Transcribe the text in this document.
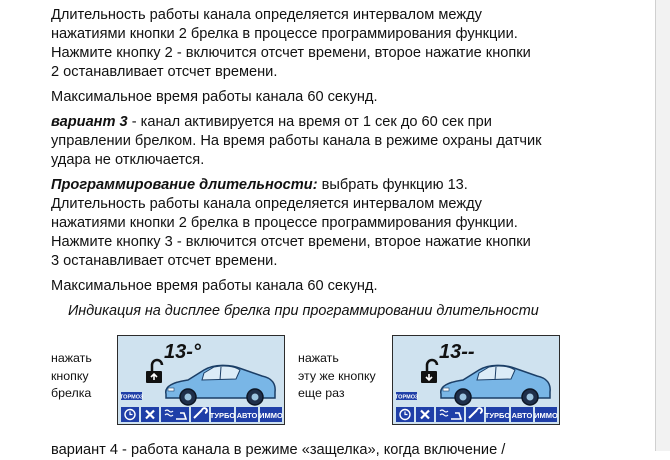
Длительность работы канала определяется интервалом между
нажатиями кнопки 2 брелка в процессе программирования функции.
Нажмите кнопку 2 - включится отсчет времени, второе нажатие кнопки
2 останавливает отсчет времени.
Максимальное время работы канала 60 секунд.
вариант 3 - канал активируется на время от 1 сек до 60 сек при
управлении брелком. На время работы канала в режиме охраны датчик
удара не отключается.
Программирование длительности: выбрать функцию 13.
Длительность работы канала определяется интервалом между
нажатиями кнопки 2 брелка в процессе программирования функции.
Нажмите кнопку 3 - включится отсчет времени, второе нажатие кнопки
3 останавливает отсчет времени.
Максимальное время работы канала 60 секунд.
Индикация на дисплее брелка при программировании длительности
нажать
кнопку
брелка
нажать
эту же кнопку
еще раз
13-°
TOPMO3
ТУРБО АВТО ИММО
13--
TOPMO3
ТУРБО АВТО ИММО
вариант 4 - работа канала в режиме «защелка», когда включение /
